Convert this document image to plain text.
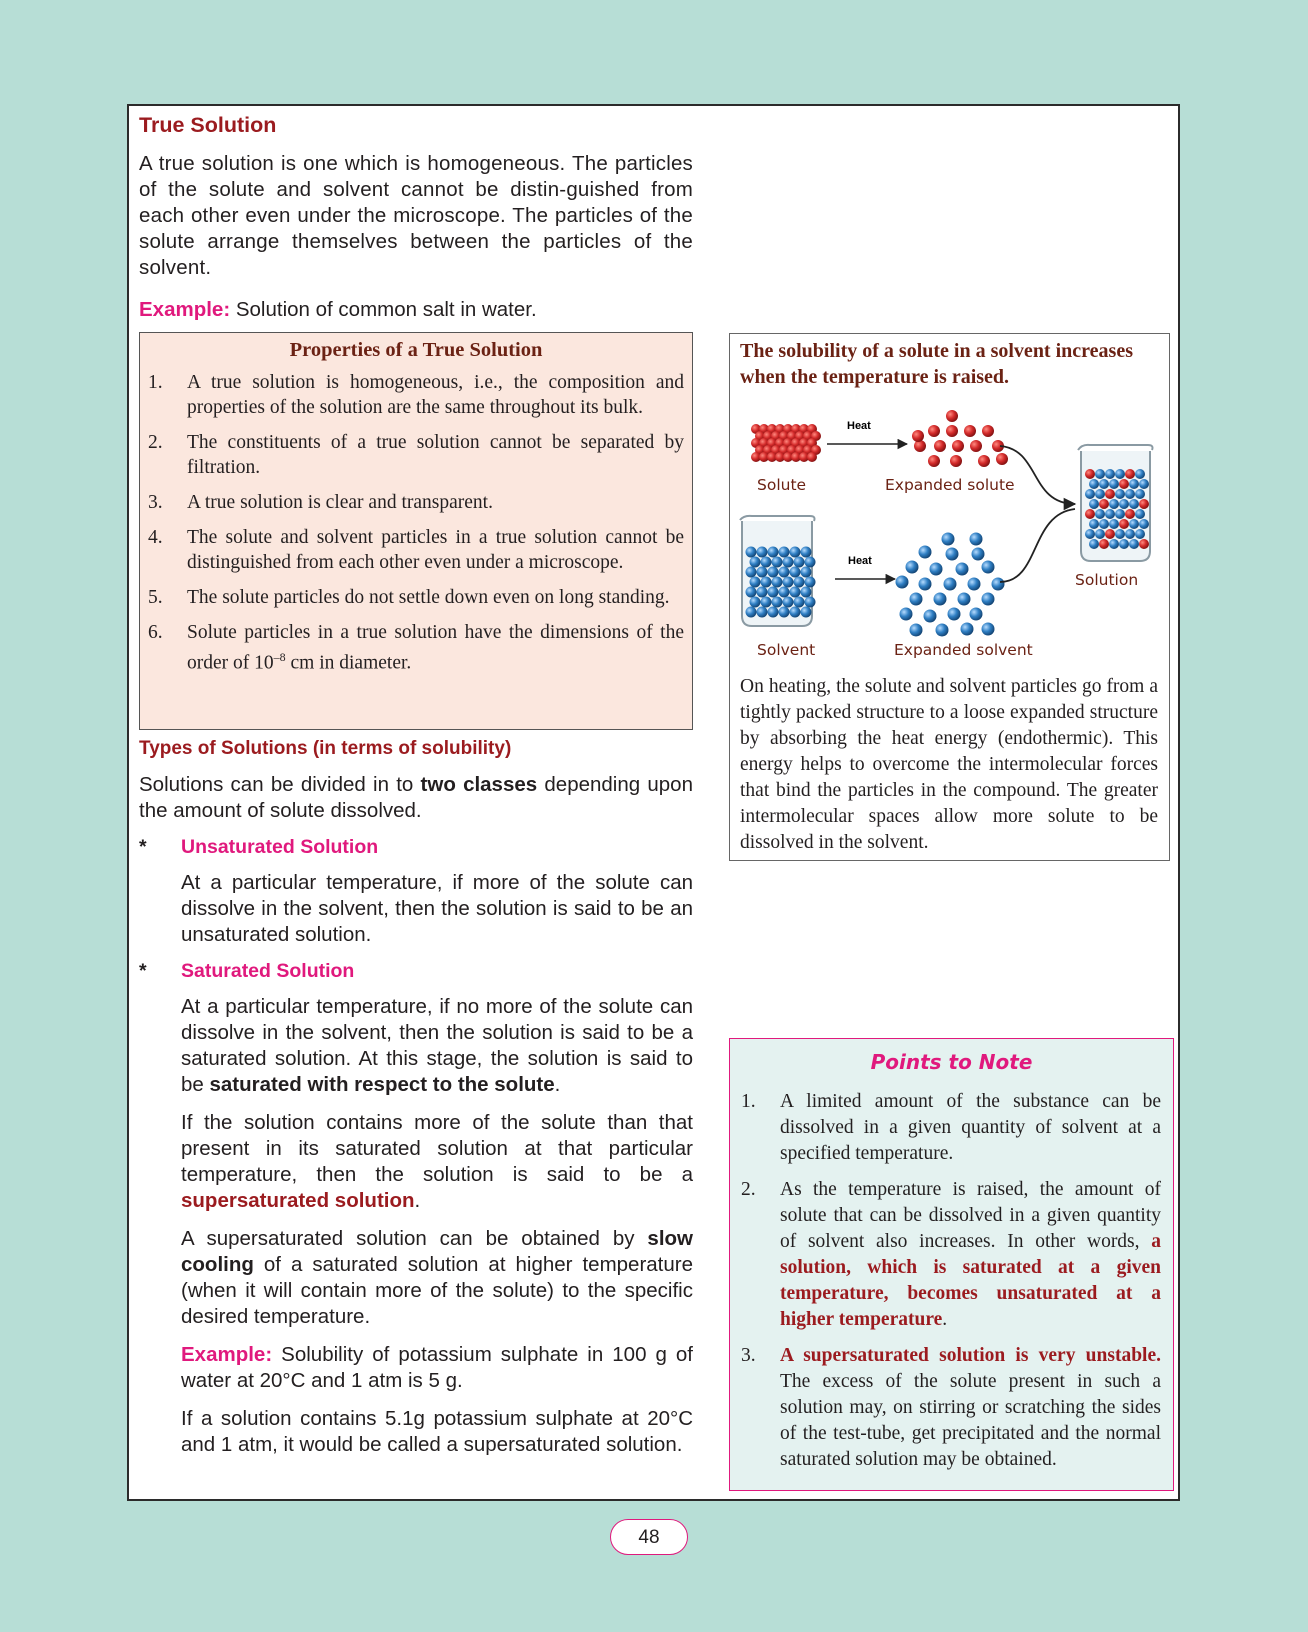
True Solution

A true solution is one which is homogeneous. The particles of the solute and solvent cannot be distin-guished from each other even under the microscope. The particles of the solute arrange themselves between the particles of the solvent.

Example: Solution of common salt in water.

Properties of a True Solution
1.	A true solution is homogeneous, i.e., the composition and properties of the solution are the same throughout its bulk.
2.	The constituents of a true solution cannot be separated by filtration.
3.	A true solution is clear and transparent.
4.	The solute and solvent particles in a true solution cannot be distinguished from each other even under a microscope.
5.	The solute particles do not settle down even on long standing.
6.	Solute particles in a true solution have the dimensions of the order of $10^{-8}$ cm in diameter.
Types of Solutions (in terms of solubility)

Solutions can be divided in to two classes depending upon the amount of solute dissolved.

*	Unsaturated Solution

At a particular temperature, if more of the solute can dissolve in the solvent, then the solution is said to be an unsaturated solution.

*	Saturated Solution

At a particular temperature, if no more of the solute can dissolve in the solvent, then the solution is said to be a saturated solution. At this stage, the solution is said to be saturated with respect to the solute.

If the solution contains more of the solute than that present in its saturated solution at that particular temperature, then the solution is said to be a supersaturated solution.

A supersaturated solution can be obtained by slow cooling of a saturated solution at higher temperature (when it will contain more of the solute) to the specific desired temperature.

Example: Solubility of potassium sulphate in 100 g of water at 20°C and 1 atm is 5 g.

If a solution contains 5.1g potassium sulphate at 20°C and 1 atm, it would be called a supersaturated solution.

The solubility of a solute in a solvent increases when the temperature is raised.
Heat
Heat
Solute	Expanded solute
Solution
Solvent	Expanded solvent

On heating, the solute and solvent particles go from a tightly packed structure to a loose expanded structure by absorbing the heat energy (endothermic). This energy helps to overcome the intermolecular forces that bind the particles in the compound. The greater intermolecular spaces allow more solute to be dissolved in the solvent.

Points to Note
1.	A limited amount of the substance can be dissolved in a given quantity of solvent at a specified temperature.
2.	As the temperature is raised, the amount of solute that can be dissolved in a given quantity of solvent also increases. In other words, a solution, which is saturated at a given temperature, becomes unsaturated at a higher temperature.
3.	A supersaturated solution is very unstable. The excess of the solute present in such a solution may, on stirring or scratching the sides of the test-tube, get precipitated and the normal saturated solution may be obtained.
48
